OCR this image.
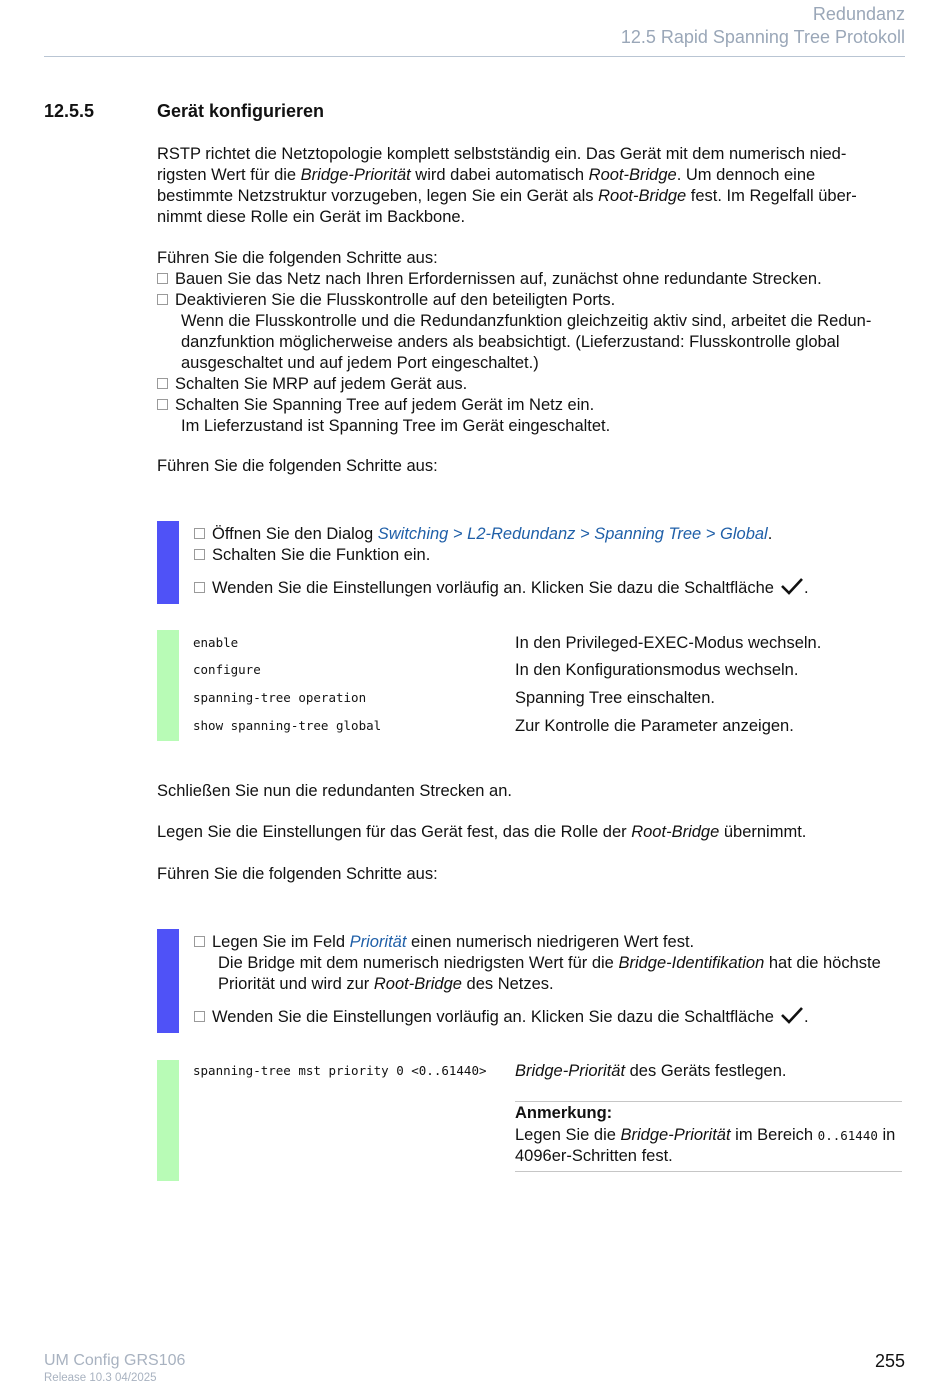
Redundanz
12.5 Rapid Spanning Tree Protokoll
12.5.5	Gerät konfigurieren
RSTP richtet die Netztopologie komplett selbstständig ein. Das Gerät mit dem numerisch nied-
rigsten Wert für die Bridge-Priorität wird dabei automatisch Root-Bridge. Um dennoch eine
bestimmte Netzstruktur vorzugeben, legen Sie ein Gerät als Root-Bridge fest. Im Regelfall über-
nimmt diese Rolle ein Gerät im Backbone.
Führen Sie die folgenden Schritte aus:
Bauen Sie das Netz nach Ihren Erfordernissen auf, zunächst ohne redundante Strecken.
Deaktivieren Sie die Flusskontrolle auf den beteiligten Ports.
Wenn die Flusskontrolle und die Redundanzfunktion gleichzeitig aktiv sind, arbeitet die Redun-
danzfunktion möglicherweise anders als beabsichtigt. (Lieferzustand: Flusskontrolle global
ausgeschaltet und auf jedem Port eingeschaltet.)
Schalten Sie MRP auf jedem Gerät aus.
Schalten Sie Spanning Tree auf jedem Gerät im Netz ein.
Im Lieferzustand ist Spanning Tree im Gerät eingeschaltet.
Führen Sie die folgenden Schritte aus:
Öffnen Sie den Dialog Switching > L2-Redundanz > Spanning Tree > Global.
Schalten Sie die Funktion ein.
Wenden Sie die Einstellungen vorläufig an. Klicken Sie dazu die Schaltfläche .
enable	In den Privileged-EXEC-Modus wechseln.
configure	In den Konfigurationsmodus wechseln.
spanning-tree operation	Spanning Tree einschalten.
show spanning-tree global	Zur Kontrolle die Parameter anzeigen.
Schließen Sie nun die redundanten Strecken an.
Legen Sie die Einstellungen für das Gerät fest, das die Rolle der Root-Bridge übernimmt.
Führen Sie die folgenden Schritte aus:
Legen Sie im Feld Priorität einen numerisch niedrigeren Wert fest.
Die Bridge mit dem numerisch niedrigsten Wert für die Bridge-Identifikation hat die höchste
Priorität und wird zur Root-Bridge des Netzes.
Wenden Sie die Einstellungen vorläufig an. Klicken Sie dazu die Schaltfläche .
spanning-tree mst priority 0 <0..61440> Bridge-Priorität des Geräts festlegen.
Anmerkung:
Legen Sie die Bridge-Priorität im Bereich 0..61440 in
4096er-Schritten fest.
UM Config GRS106
Release 10.3 04/2025
255
